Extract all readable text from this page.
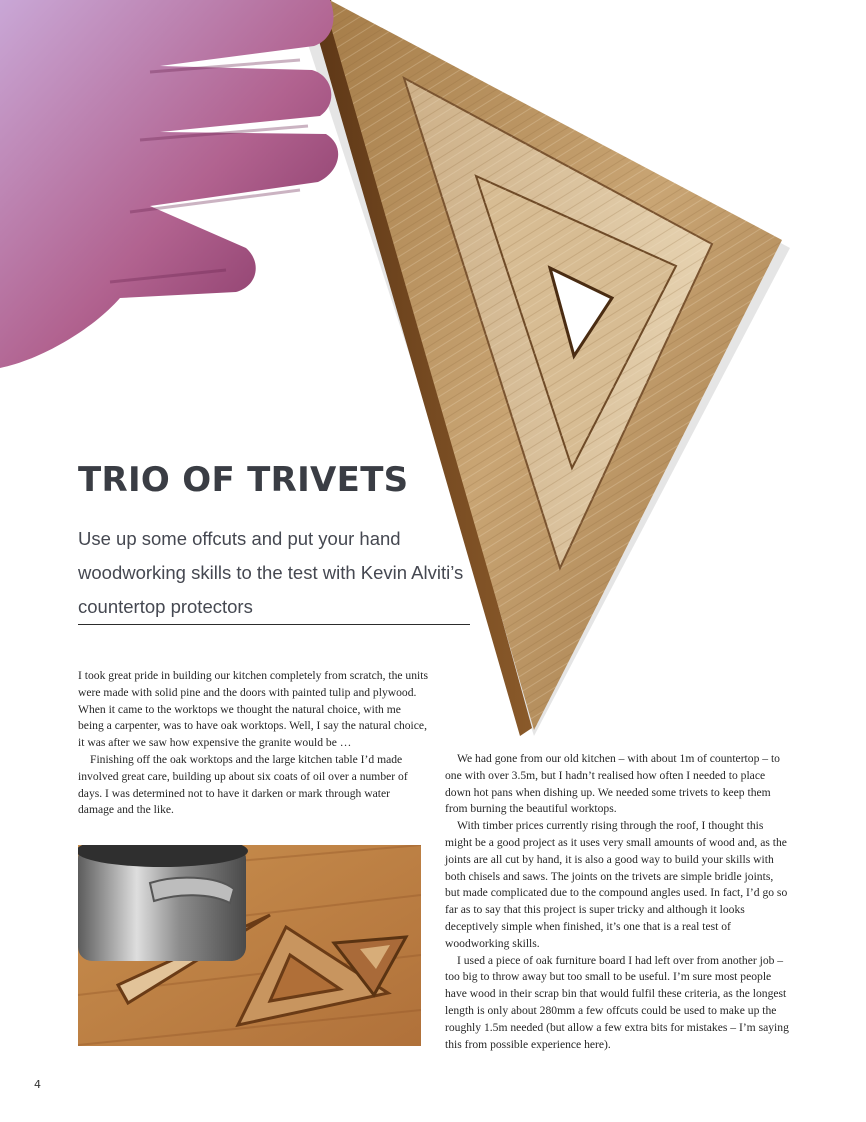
TRIO OF TRIVETS
Use up some offcuts and put your hand woodworking skills to the test with Kevin Alviti’s countertop protectors

I took great pride in building our kitchen completely from scratch, the units were made with solid pine and the doors with painted tulip and plywood. When it came to the worktops we thought the natural choice, with me being a carpenter, was to have oak worktops. Well, I say the natural choice, it was after we saw how expensive the granite would be …

Finishing off the oak worktops and the large kitchen table I’d made involved great care, building up about six coats of oil over a number of days. I was determined not to have it darken or mark through water damage and the like.

We had gone from our old kitchen – with about 1m of countertop – to one with over 3.5m, but I hadn’t realised how often I needed to place down hot pans when dishing up. We needed some trivets to keep them from burning the beautiful worktops.

With timber prices currently rising through the roof, I thought this might be a good project as it uses very small amounts of wood and, as the joints are all cut by hand, it is also a good way to build your skills with both chisels and saws. The joints on the trivets are simple bridle joints, but made complicated due to the compound angles used. In fact, I’d go so far as to say that this project is super tricky and although it looks deceptively simple when finished, it’s one that is a real test of woodworking skills.

I used a piece of oak furniture board I had left over from another job – too big to throw away but too small to be useful. I’m sure most people have wood in their scrap bin that would fulfil these criteria, as the longest length is only about 280mm a few offcuts could be used to make up the roughly 1.5m needed (but allow a few extra bits for mistakes – I’m saying this from possible experience here).

4
